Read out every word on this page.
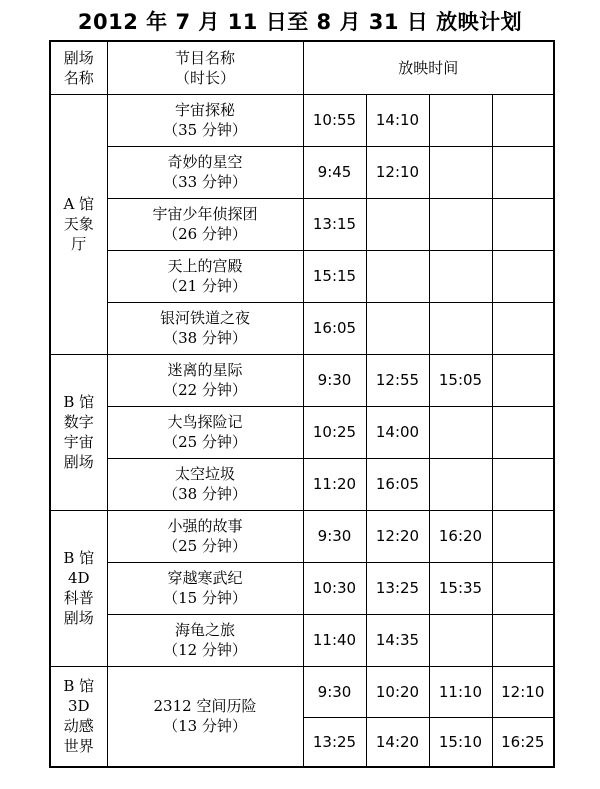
2012 年 7 月 11 日至 8 月 31 日 放映计划
剧场
名称	节目名称
（时长）	放映时间			

A 馆
天象
厅	宇宙探秘
（35 分钟）	10:55	14:10		

	奇妙的星空
（33 分钟）	9:45	12:10		

	宇宙少年侦探团
（26 分钟）	13:15			

	天上的宫殿
（21 分钟）	15:15			

	银河铁道之夜
（38 分钟）	16:05			

B 馆
数字
宇宙
剧场	迷离的星际
（22 分钟）	9:30	12:55	15:05	

	大鸟探险记
（25 分钟）	10:25	14:00		

	太空垃圾
（38 分钟）	11:20	16:05		

B 馆
4D
科普
剧场	小强的故事
（25 分钟）	9:30	12:20	16:20	

	穿越寒武纪
（15 分钟）	10:30	13:25	15:35	

	海龟之旅
（12 分钟）	11:40	14:35		

B 馆
3D
动感
世界	2312 空间历险
（13 分钟）	9:30	10:20	11:10	12:10
		13:25	14:20	15:10	16:25
